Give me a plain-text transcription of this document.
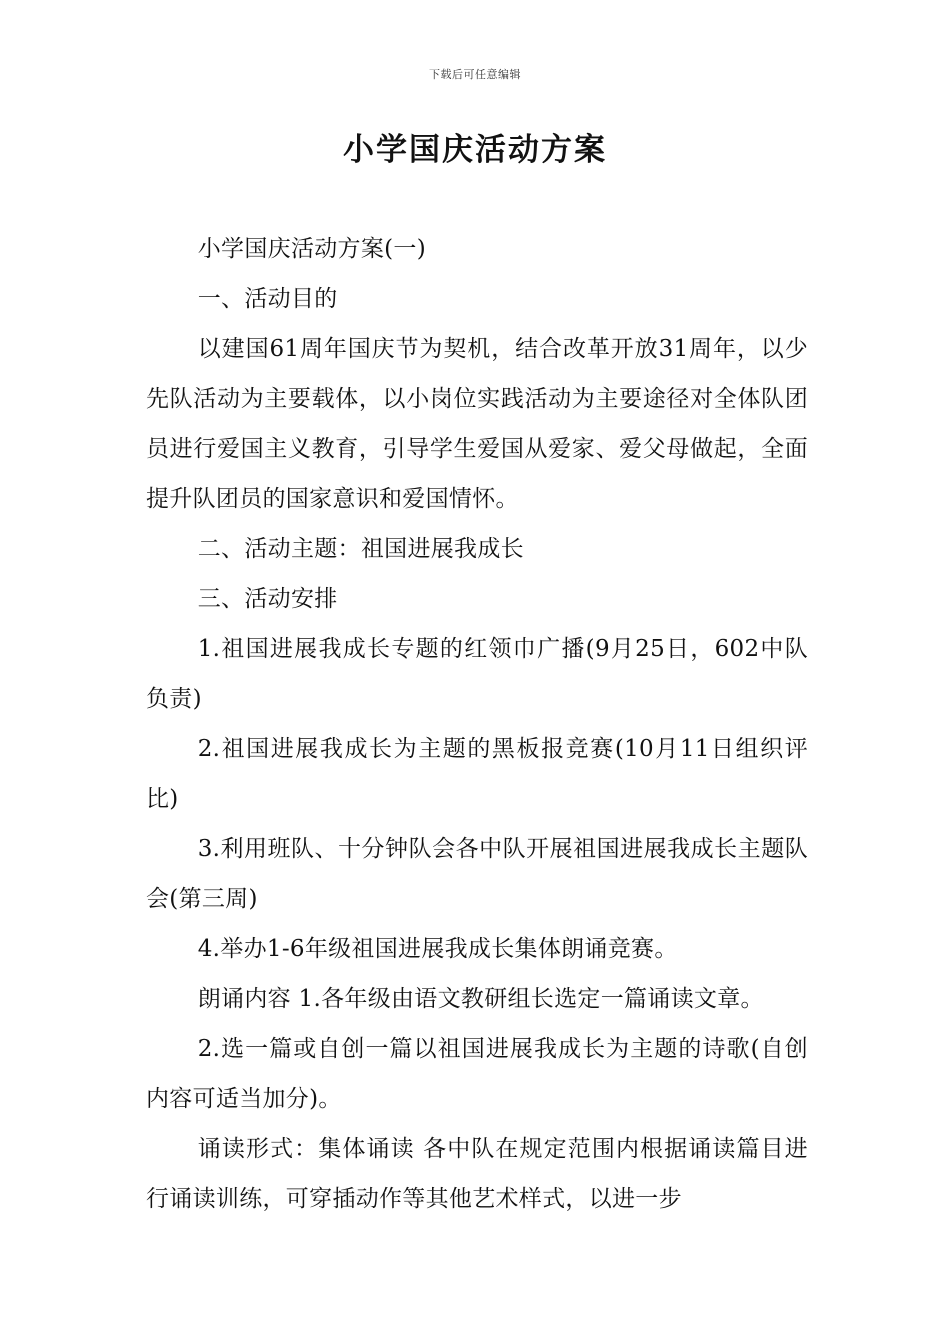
下载后可任意编辑
小学国庆活动方案

小学国庆活动方案(一)

一、活动目的

以建国61周年国庆节为契机，结合改革开放31周年，以少先队活动为主要载体，以小岗位实践活动为主要途径对全体队团员进行爱国主义教育，引导学生爱国从爱家、爱父母做起，全面提升队团员的国家意识和爱国情怀。

二、活动主题：祖国进展我成长

三、活动安排

1.祖国进展我成长专题的红领巾广播(9月25日，602中队负责)

2.祖国进展我成长为主题的黑板报竞赛(10月11日组织评比)

3.利用班队、十分钟队会各中队开展祖国进展我成长主题队会(第三周)

4.举办1-6年级祖国进展我成长集体朗诵竞赛。

朗诵内容 1.各年级由语文教研组长选定一篇诵读文章。

2.选一篇或自创一篇以祖国进展我成长为主题的诗歌(自创内容可适当加分)。

诵读形式：集体诵读 各中队在规定范围内根据诵读篇目进行诵读训练，可穿插动作等其他艺术样式，以进一步
